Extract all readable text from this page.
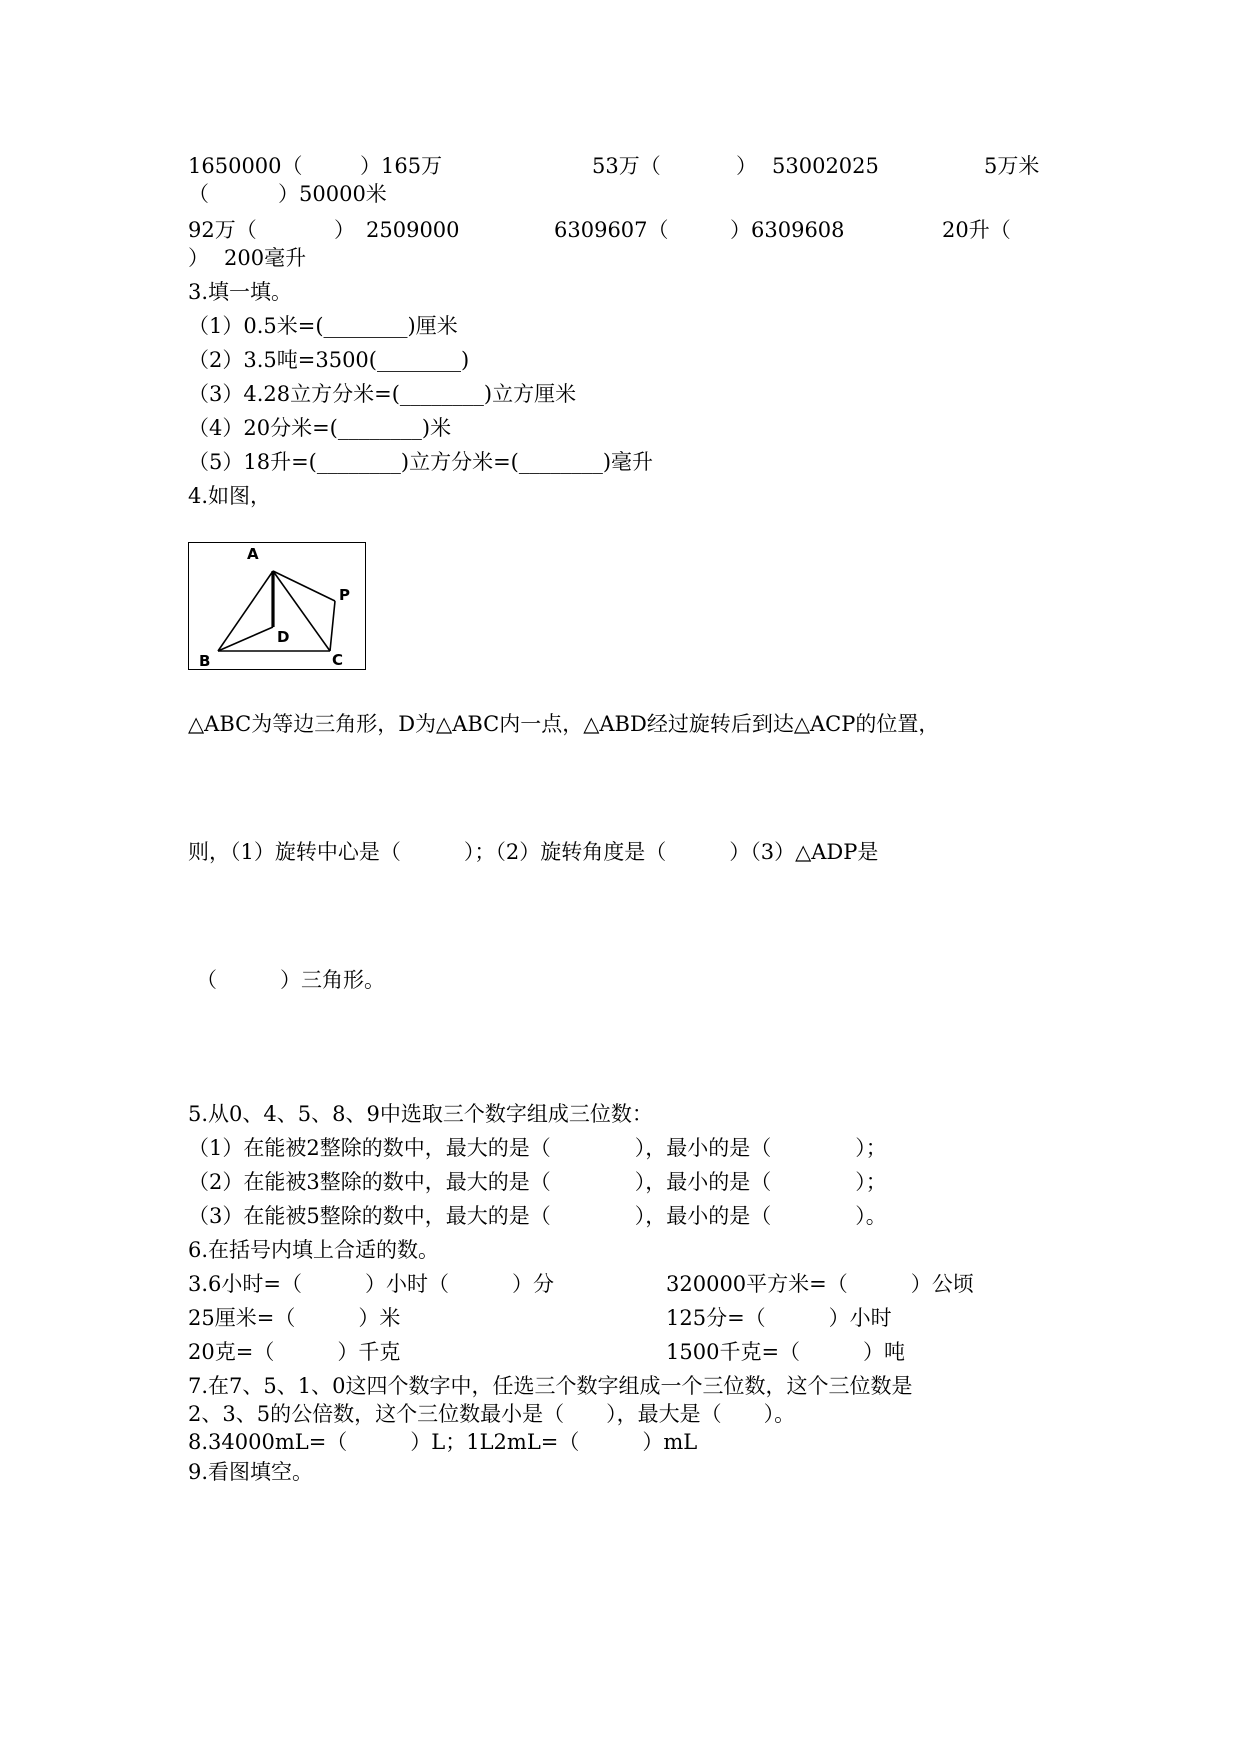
1650000（	）165万	53万（	） 53002025	5万米
（	）50000米
92万（	） 2509000	6309607（	）6309608	20升（
） 200毫升
3.填一填。
（1）0.5米=(________)厘米
（2）3.5吨=3500(________)
（3）4.28立方分米=(________)立方厘米
（4）20分米=(________)米
（5）18升=(________)立方分米=(________)毫升
4.如图，
A
B	C
D
P
△ABC为等边三角形，D为△ABC内一点，△ABD经过旋转后到达△ACP的位置，
则，（1）旋转中心是（　　　）；（2）旋转角度是（　　　）（3）△ADP是
（　　　）三角形。
5.从0、4、5、8、9中选取三个数字组成三位数：
（1）在能被2整除的数中，最大的是（　　　　），最小的是（　　　　）；
（2）在能被3整除的数中，最大的是（　　　　），最小的是（　　　　）；
（3）在能被5整除的数中，最大的是（　　　　），最小的是（　　　　）。
6.在括号内填上合适的数。
3.6小时=（　　　）小时（　　　）分	320000平方米=（　　　）公顷
25厘米=（　　　）米	125分=（　　　）小时
20克=（　　　）千克	1500千克=（　　　）吨
7.在7、5、1、0这四个数字中，任选三个数字组成一个三位数，这个三位数是
2、3、5的公倍数，这个三位数最小是（　　），最大是（　　）。
8.34000mL=（　　　）L；1L2mL=（　　　）mL
9.看图填空。
